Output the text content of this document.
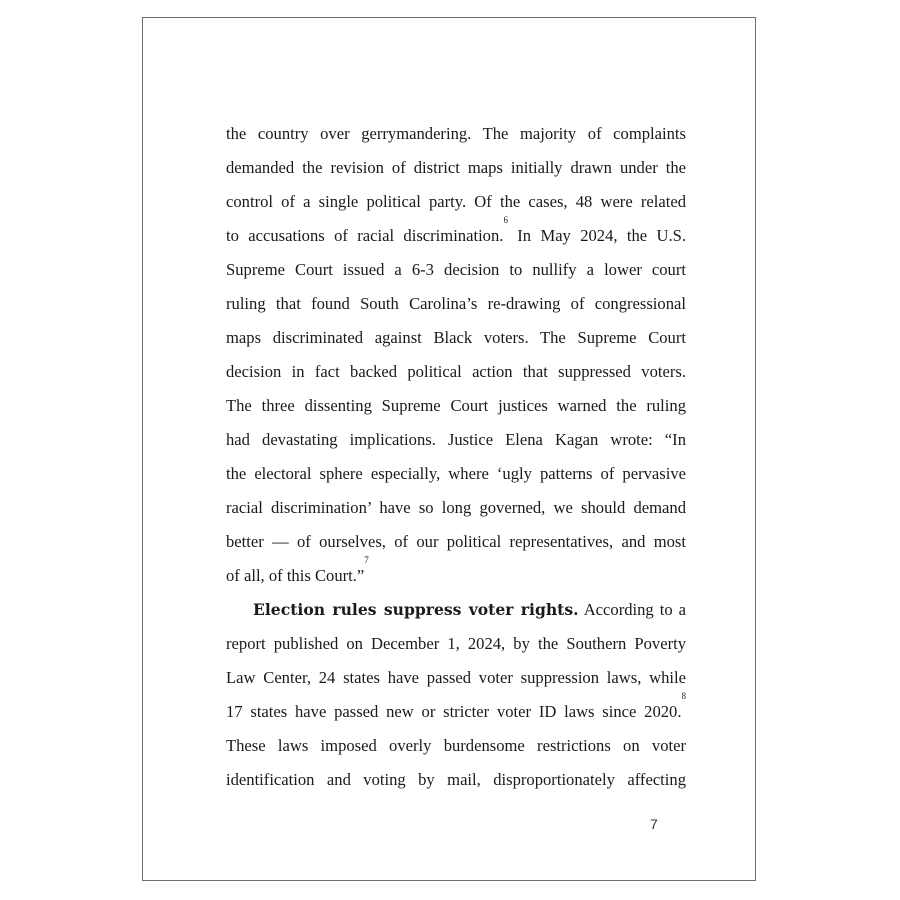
the country over gerrymandering. The majority of complaints
demanded the revision of district maps initially drawn under the
control of a single political party. Of the cases, 48 were related
to accusations of racial discrimination.$^6$ In May 2024, the U.S.
Supreme Court issued a 6-3 decision to nullify a lower court
ruling that found South Carolina’s re-drawing of congressional
maps discriminated against Black voters. The Supreme Court
decision in fact backed political action that suppressed voters.
The three dissenting Supreme Court justices warned the ruling
had devastating implications. Justice Elena Kagan wrote: “In
the electoral sphere especially, where ‘ugly patterns of pervasive
racial discrimination’ have so long governed, we should demand
better — of ourselves, of our political representatives, and most
of all, of this Court.”$^7$
Election rules suppress voter rights. According to a
report published on December 1, 2024, by the Southern Poverty
Law Center, 24 states have passed voter suppression laws, while
17 states have passed new or stricter voter ID laws since 2020.$^8$
These laws imposed overly burdensome restrictions on voter
identification and voting by mail, disproportionately affecting
7
